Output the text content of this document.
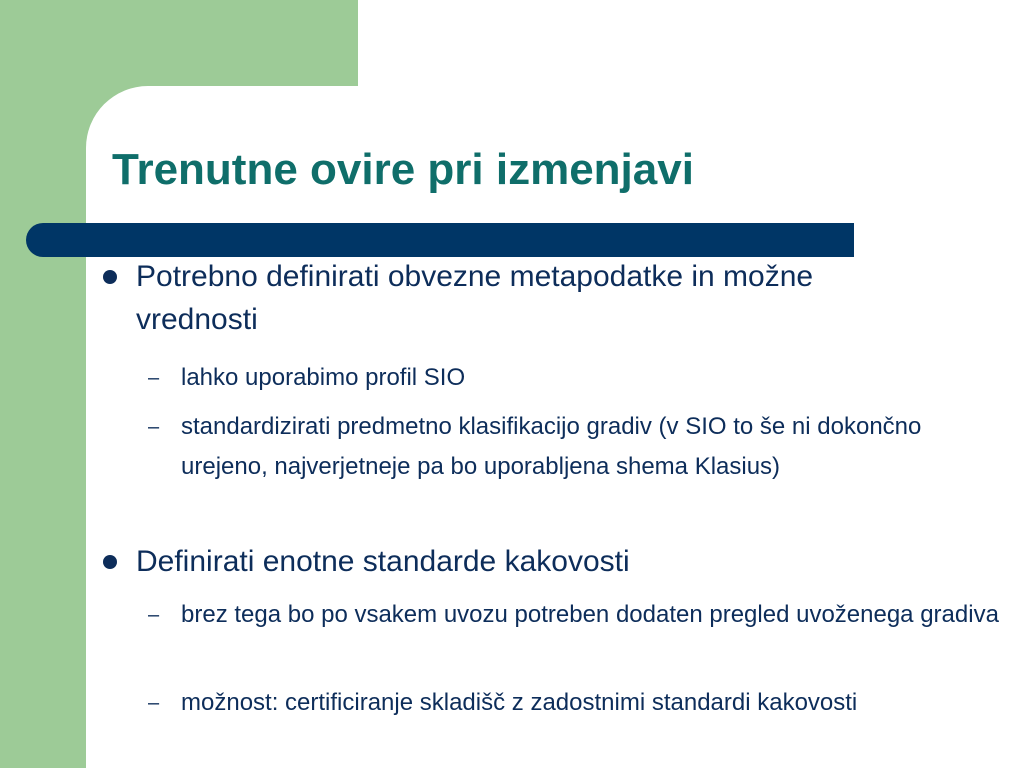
Trenutne ovire pri izmenjavi
Potrebno definirati obvezne metapodatke in možne vrednosti
– lahko uporabimo profil SIO
– standardizirati predmetno klasifikacijo gradiv (v SIO to še ni dokončno urejeno, najverjetneje pa bo uporabljena shema Klasius)
Definirati enotne standarde kakovosti
– brez tega bo po vsakem uvozu potreben dodaten pregled uvoženega gradiva
– možnost: certificiranje skladišč z zadostnimi standardi kakovosti
